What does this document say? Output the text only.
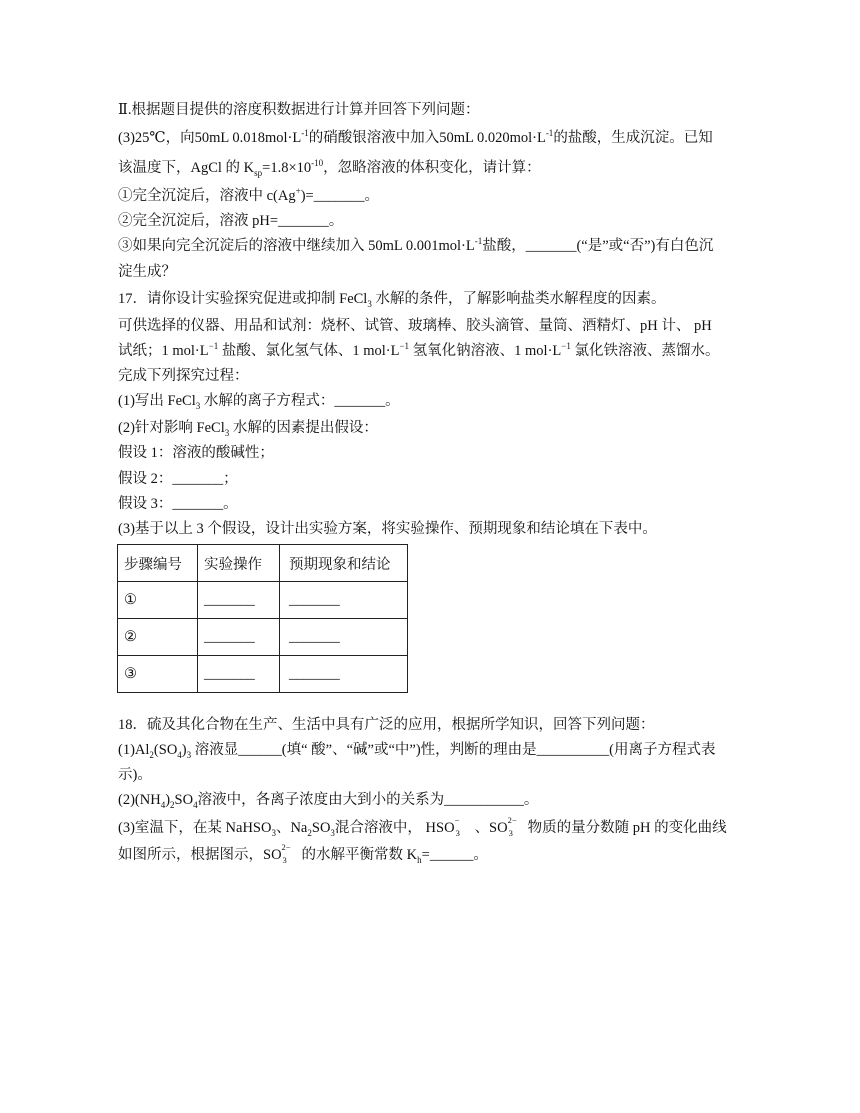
Ⅱ.根据题目提供的溶度积数据进行计算并回答下列问题：
(3)25℃，向50mL $0.018mol\cdot L^{-1}$的硝酸银溶液中加入50mL $0.020mol\cdot L^{-1}$的盐酸，生成沉淀。已知
该温度下，AgCl 的 $K_{sp}=1.8\times 10^{-10}$，忽略溶液的体积变化，请计算：
①完全沉淀后，溶液中 c(Ag+)=_______。
②完全沉淀后，溶液 pH=_______。
③如果向完全沉淀后的溶液中继续加入 50mL $0.001mol\cdot L^{-1}$盐酸，_______(“是”或“否”)有白色沉
淀生成？
17．请你设计实验探究促进或抑制 FeCl$_3$ 水解的条件，了解影响盐类水解程度的因素。
可供选择的仪器、用品和试剂：烧杯、试管、玻璃棒、胶头滴管、量筒、酒精灯、pH 计、 pH
试纸；1 $mol\cdot L^{-1}$ 盐酸、氯化氢气体、1 $mol\cdot L^{-1}$ 氢氧化钠溶液、1 $mol\cdot L^{-1}$ 氯化铁溶液、蒸馏水。
完成下列探究过程：
(1)写出 FeCl$_3$ 水解的离子方程式：_______。
(2)针对影响 FeCl$_3$ 水解的因素提出假设：
假设 1：溶液的酸碱性；
假设 2：_______；
假设 3：_______。
(3)基于以上 3 个假设，设计出实验方案，将实验操作、预期现象和结论填在下表中。
步骤编号	实验操作	预期现象和结论
①	_______	_______
②	_______	_______
③	_______	_______
18．硫及其化合物在生产、生活中具有广泛的应用，根据所学知识，回答下列问题：
$(1)Al_2(SO_4)_3$ 溶液显______(填“ 酸”、“碱”或“中”)性，判断的理由是__________(用离子方程式表
示)。
$(2)(NH_4)_2SO_4$溶液中，各离子浓度由大到小的关系为___________。
(3)室温下，在某 NaHSO$_3$、$Na_2SO_3$混合溶液中， HSO −
3 、SO 2−
3 物质的量分数随 pH 的变化曲线
如图所示，根据图示，SO 2−
3 的水解平衡常数 $K_h=\_\_\_\_\_\_$。
